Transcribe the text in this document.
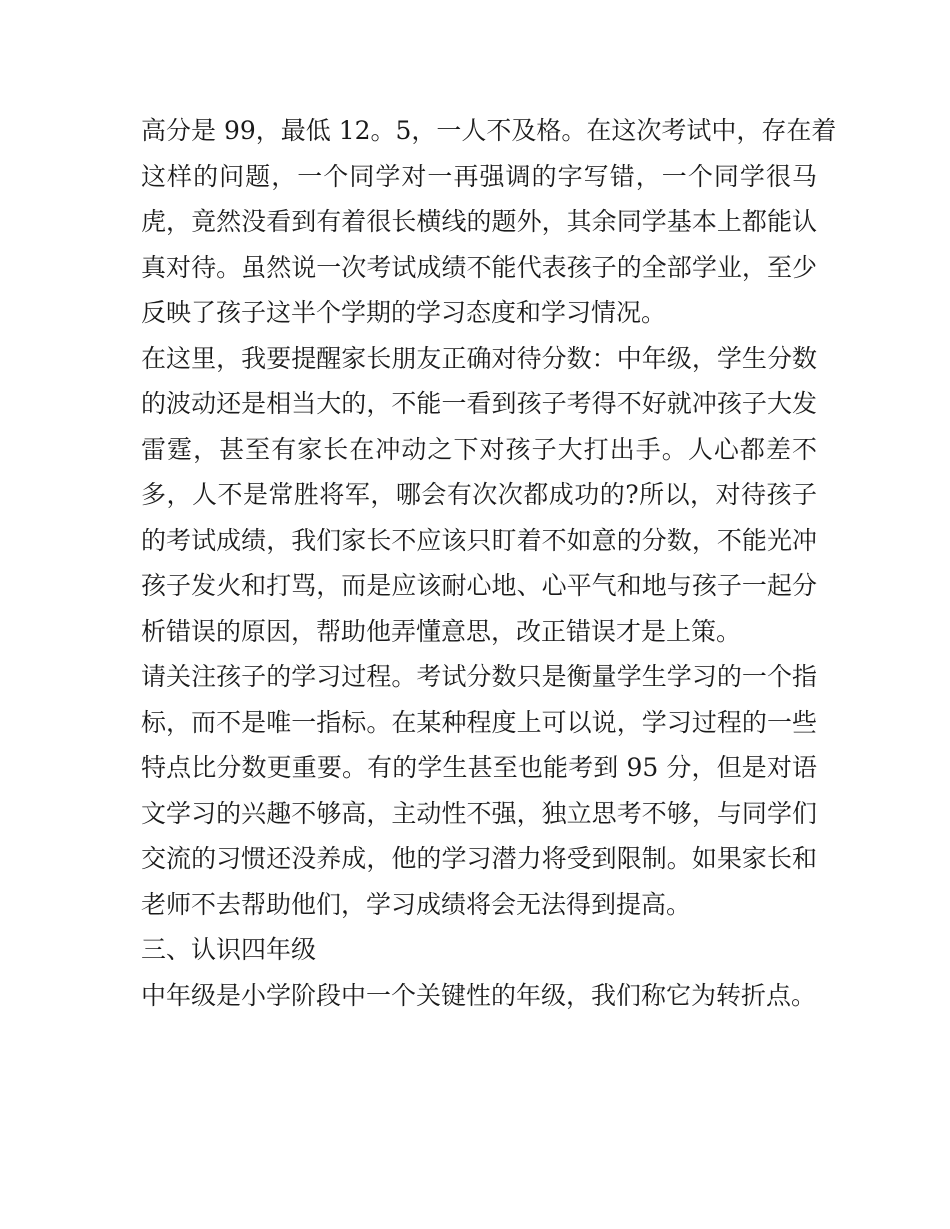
高分是 99，最低 12。5，一人不及格。在这次考试中，存在着
这样的问题，一个同学对一再强调的字写错，一个同学很马
虎，竟然没看到有着很长横线的题外，其余同学基本上都能认
真对待。虽然说一次考试成绩不能代表孩子的全部学业，至少
反映了孩子这半个学期的学习态度和学习情况。
在这里，我要提醒家长朋友正确对待分数：中年级，学生分数
的波动还是相当大的，不能一看到孩子考得不好就冲孩子大发
雷霆，甚至有家长在冲动之下对孩子大打出手。人心都差不
多，人不是常胜将军，哪会有次次都成功的?所以，对待孩子
的考试成绩，我们家长不应该只盯着不如意的分数，不能光冲
孩子发火和打骂，而是应该耐心地、心平气和地与孩子一起分
析错误的原因，帮助他弄懂意思，改正错误才是上策。
请关注孩子的学习过程。考试分数只是衡量学生学习的一个指
标，而不是唯一指标。在某种程度上可以说，学习过程的一些
特点比分数更重要。有的学生甚至也能考到 95 分，但是对语
文学习的兴趣不够高，主动性不强，独立思考不够，与同学们
交流的习惯还没养成，他的学习潜力将受到限制。如果家长和
老师不去帮助他们，学习成绩将会无法得到提高。
三、认识四年级
中年级是小学阶段中一个关键性的年级，我们称它为转折点。
